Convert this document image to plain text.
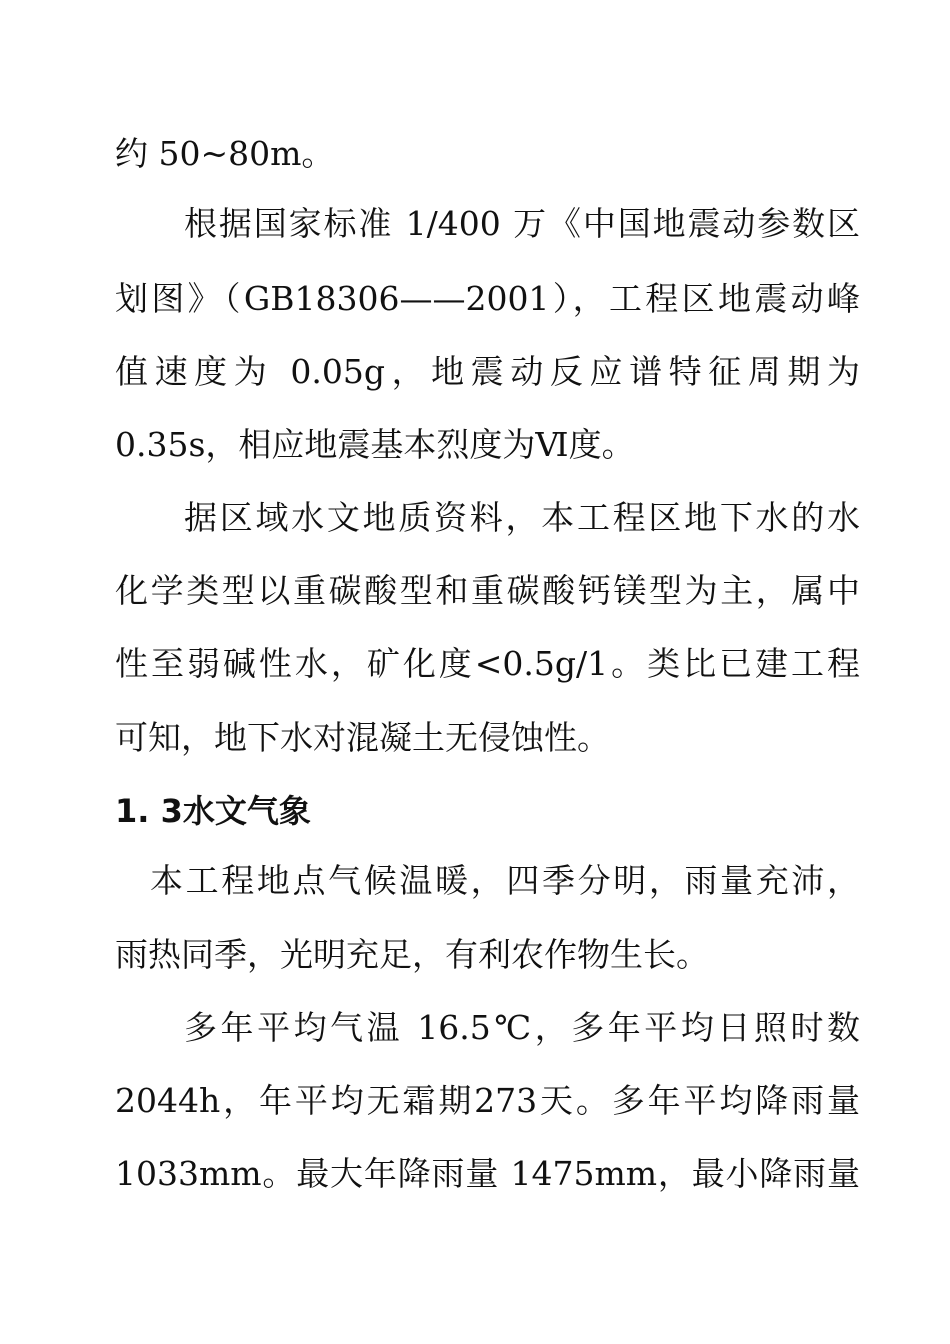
约 50~80m。
根据国家标准 1/400 万《中国地震动参数区
划图》（GB18306——2001），工程区地震动峰
值速度为 0.05g，地震动反应谱特征周期为
0.35s，相应地震基本烈度为Ⅵ度。
据区域水文地质资料，本工程区地下水的水
化学类型以重碳酸型和重碳酸钙镁型为主，属中
性至弱碱性水，矿化度<0.5g/1。类比已建工程
可知，地下水对混凝土无侵蚀性。
1. 3水文气象
本工程地点气候温暖，四季分明，雨量充沛，
雨热同季，光明充足，有利农作物生长。
多年平均气温 16.5℃，多年平均日照时数
2044h，年平均无霜期273天。多年平均降雨量
1033mm。最大年降雨量 1475mm，最小降雨量
